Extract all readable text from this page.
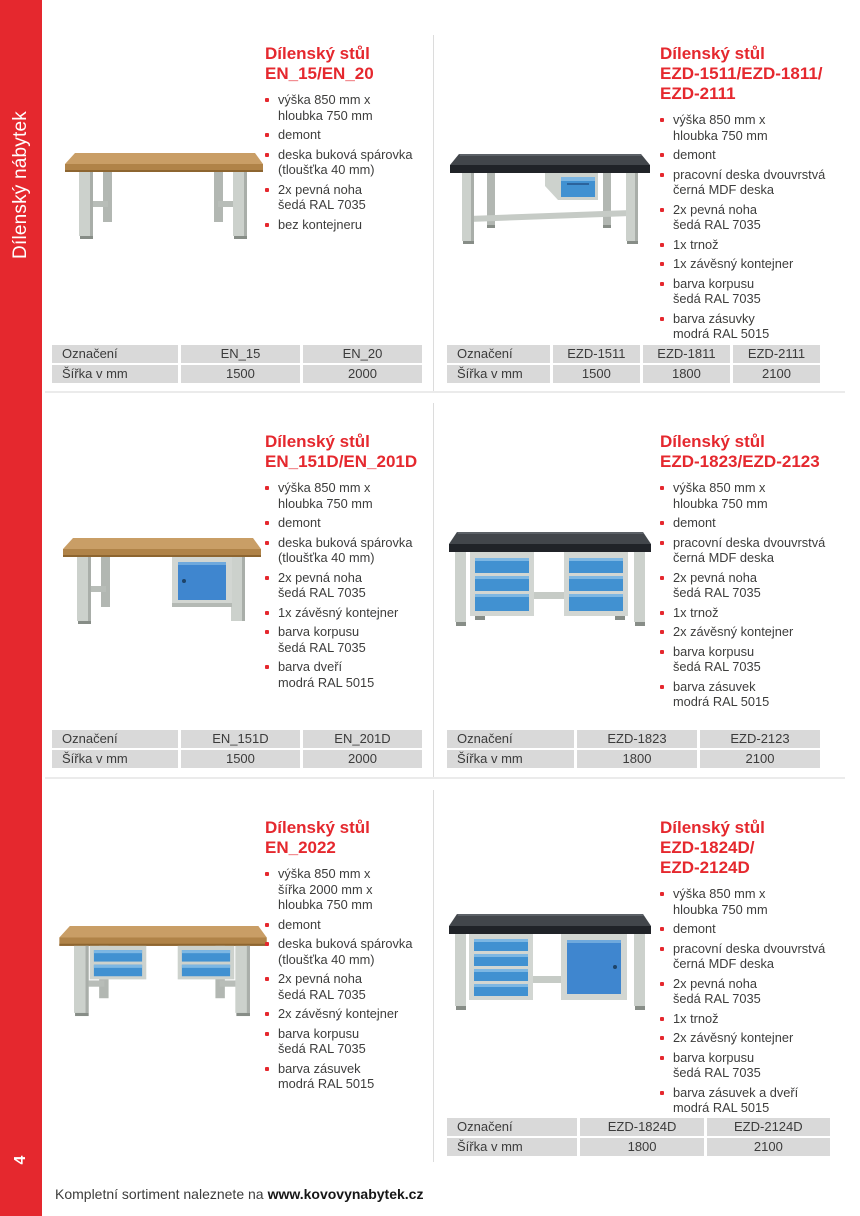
Dílenský nábytek
4
Dílenský stůl
EN_15/EN_20
výška 850 mm x
hloubka 750 mm
demont
deska buková spárovka
(tloušťka 40 mm)
2x pevná noha
šedá RAL 7035
bez kontejneru
Označení	EN_15	EN_20
Šířka v mm	1500	2000
Dílenský stůl
EZD-1511/EZD-1811/
EZD-2111
výška 850 mm x
hloubka 750 mm
demont
pracovní deska dvouvrstvá
černá MDF deska
2x pevná noha
šedá RAL 7035
1x trnož
1x závěsný kontejner
barva korpusu
šedá RAL 7035
barva zásuvky
modrá RAL 5015
Označení	EZD-1511	EZD-1811	EZD-2111
Šířka v mm	1500	1800	2100
Dílenský stůl
EN_151D/EN_201D
výška 850 mm x
hloubka 750 mm
demont
deska buková spárovka
(tloušťka 40 mm)
2x pevná noha
šedá RAL 7035
1x závěsný kontejner
barva korpusu
šedá RAL 7035
barva dveří
modrá RAL 5015
Označení	EN_151D	EN_201D
Šířka v mm	1500	2000
Dílenský stůl
EZD-1823/EZD-2123
výška 850 mm x
hloubka 750 mm
demont
pracovní deska dvouvrstvá
černá MDF deska
2x pevná noha
šedá RAL 7035
1x trnož
2x závěsný kontejner
barva korpusu
šedá RAL 7035
barva zásuvek
modrá RAL 5015
Označení	EZD-1823	EZD-2123
Šířka v mm	1800	2100
Dílenský stůl
EN_2022
výška 850 mm x
šířka 2000 mm x
hloubka 750 mm
demont
deska buková spárovka
(tloušťka 40 mm)
2x pevná noha
šedá RAL 7035
2x závěsný kontejner
barva korpusu
šedá RAL 7035
barva zásuvek
modrá RAL 5015
Dílenský stůl
EZD-1824D/
EZD-2124D
výška 850 mm x
hloubka 750 mm
demont
pracovní deska dvouvrstvá
černá MDF deska
2x pevná noha
šedá RAL 7035
1x trnož
2x závěsný kontejner
barva korpusu
šedá RAL 7035
barva zásuvek a dveří
modrá RAL 5015
Označení	EZD-1824D	EZD-2124D
Šířka v mm	1800	2100
Kompletní sortiment naleznete na www.kovovynabytek.cz
